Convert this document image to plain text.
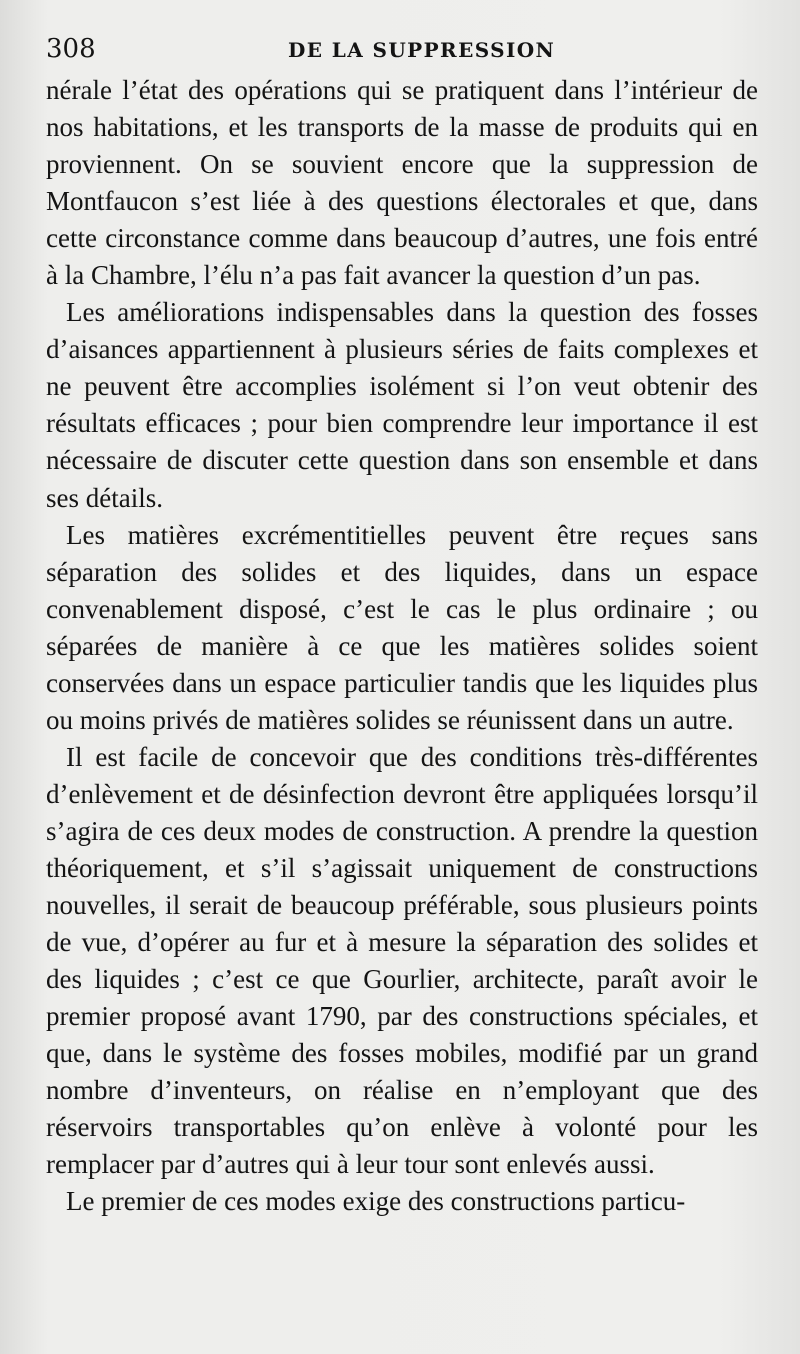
308	DE LA SUPPRESSION

nérale l’état des opérations qui se pratiquent dans l’intérieur de nos habitations, et les transports de la masse de produits qui en proviennent. On se souvient encore que la suppression de Montfaucon s’est liée à des questions électorales et que, dans cette circonstance comme dans beaucoup d’autres, une fois entré à la Chambre, l’élu n’a pas fait avancer la question d’un pas.

Les améliorations indispensables dans la question des fosses d’aisances appartiennent à plusieurs séries de faits complexes et ne peuvent être accomplies isolément si l’on veut obtenir des résultats efficaces ; pour bien comprendre leur importance il est nécessaire de discuter cette question dans son ensemble et dans ses détails.

Les matières excrémentitielles peuvent être reçues sans séparation des solides et des liquides, dans un espace convenablement disposé, c’est le cas le plus ordinaire ; ou séparées de manière à ce que les matières solides soient conservées dans un espace particulier tandis que les liquides plus ou moins privés de matières solides se réunissent dans un autre.

Il est facile de concevoir que des conditions très-différentes d’enlèvement et de désinfection devront être appliquées lorsqu’il s’agira de ces deux modes de construction. A prendre la question théoriquement, et s’il s’agissait uniquement de constructions nouvelles, il serait de beaucoup préférable, sous plusieurs points de vue, d’opérer au fur et à mesure la séparation des solides et des liquides ; c’est ce que Gourlier, architecte, paraît avoir le premier proposé avant 1790, par des constructions spéciales, et que, dans le système des fosses mobiles, modifié par un grand nombre d’inventeurs, on réalise en n’employant que des réservoirs transportables qu’on enlève à volonté pour les remplacer par d’autres qui à leur tour sont enlevés aussi.

Le premier de ces modes exige des constructions particu-
